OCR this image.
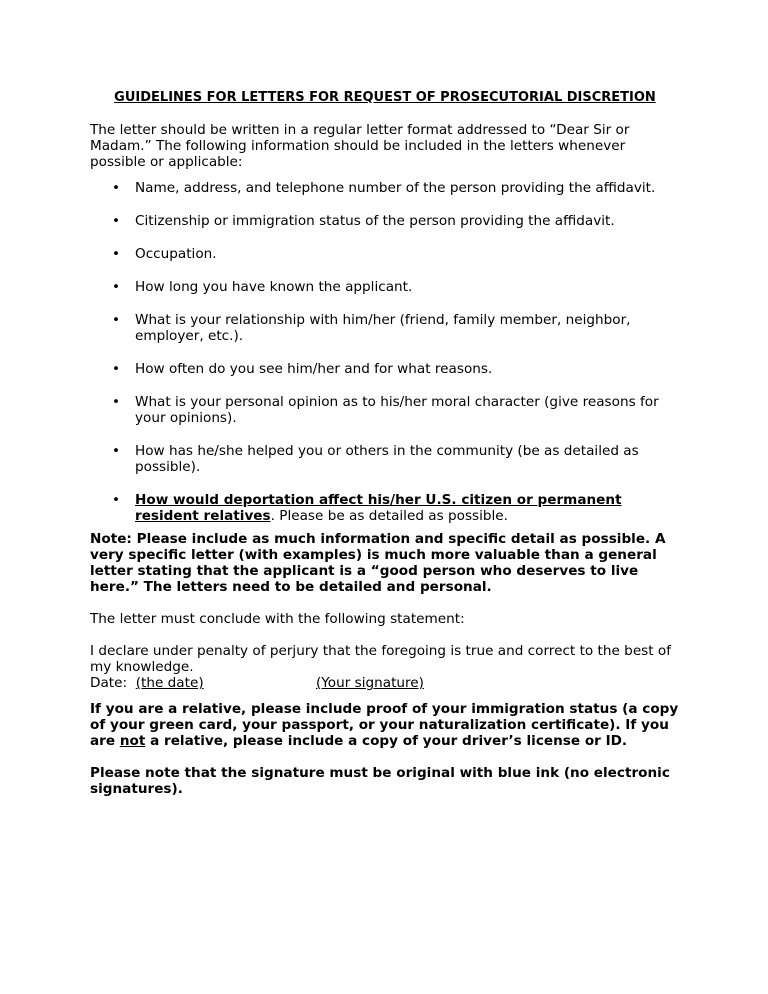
GUIDELINES FOR LETTERS FOR REQUEST OF PROSECUTORIAL DISCRETION

The letter should be written in a regular letter format addressed to “Dear Sir or Madam.” The following information should be included in the letters whenever possible or applicable:

• Name, address, and telephone number of the person providing the affidavit.
• Citizenship or immigration status of the person providing the affidavit.
• Occupation.
• How long you have known the applicant.
• What is your relationship with him/her (friend, family member, neighbor, employer, etc.).
• How often do you see him/her and for what reasons.
• What is your personal opinion as to his/her moral character (give reasons for your opinions).
• How has he/she helped you or others in the community (be as detailed as possible).
• How would deportation affect his/her U.S. citizen or permanent resident relatives. Please be as detailed as possible.

Note: Please include as much information and specific detail as possible. A very specific letter (with examples) is much more valuable than a general letter stating that the applicant is a “good person who deserves to live here.” The letters need to be detailed and personal.

The letter must conclude with the following statement:

I declare under penalty of perjury that the foregoing is true and correct to the best of my knowledge.

Date: (the date)	(Your signature)

If you are a relative, please include proof of your immigration status (a copy of your green card, your passport, or your naturalization certificate). If you are not a relative, please include a copy of your driver’s license or ID.

Please note that the signature must be original with blue ink (no electronic signatures).
